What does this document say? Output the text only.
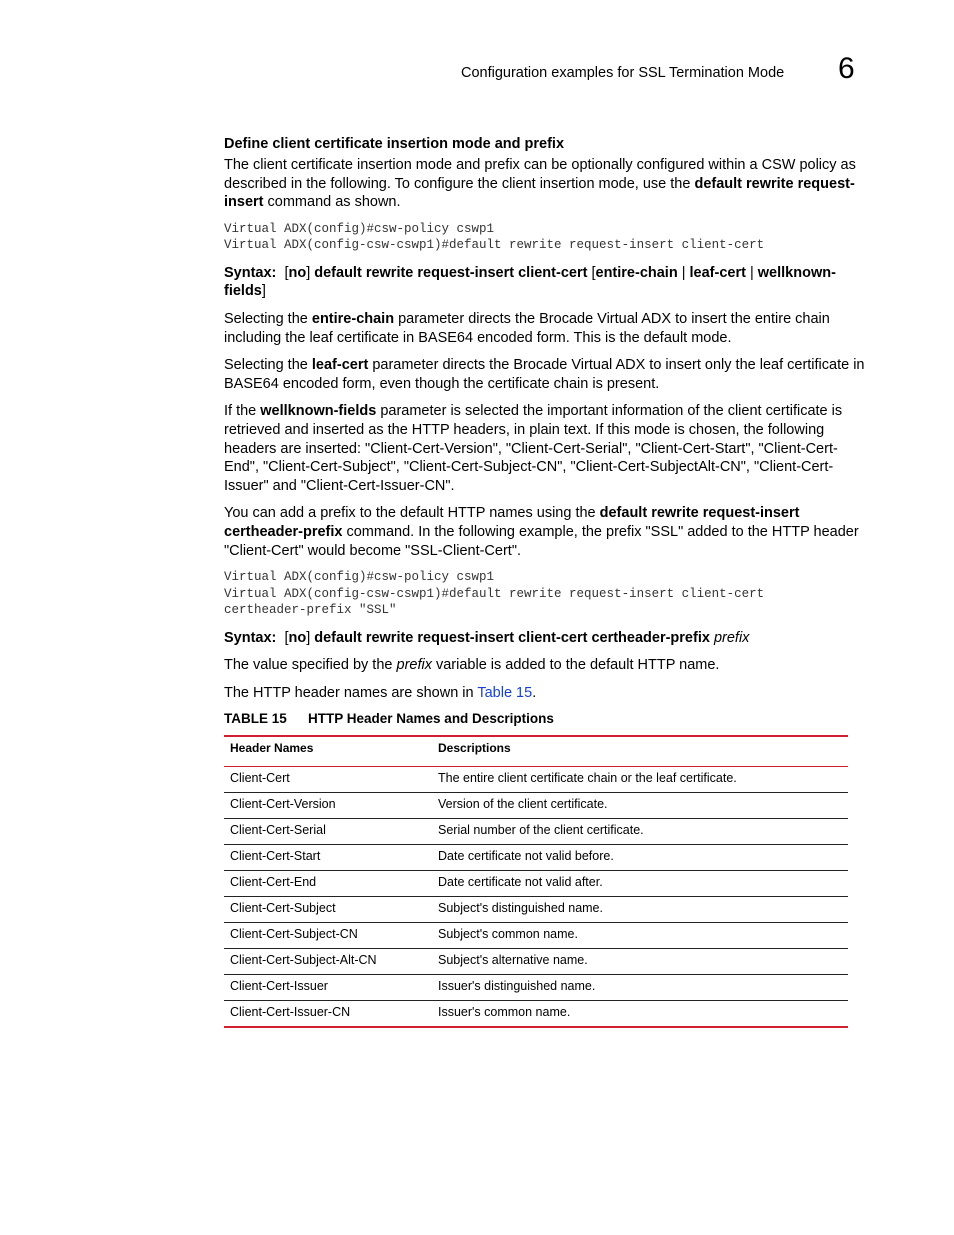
Configuration examples for SSL Termination Mode 6
Define client certificate insertion mode and prefix

The client certificate insertion mode and prefix can be optionally configured within a CSW policy as described in the following. To configure the client insertion mode, use the default rewrite request-insert command as shown.

Virtual ADX(config)#csw-policy cswp1
Virtual ADX(config-csw-cswp1)#default rewrite request-insert client-cert
Syntax: [no] default rewrite request-insert client-cert [entire-chain | leaf-cert | wellknown-fields]

Selecting the entire-chain parameter directs the Brocade Virtual ADX to insert the entire chain including the leaf certificate in BASE64 encoded form. This is the default mode.

Selecting the leaf-cert parameter directs the Brocade Virtual ADX to insert only the leaf certificate in BASE64 encoded form, even though the certificate chain is present.

If the wellknown-fields parameter is selected the important information of the client certificate is retrieved and inserted as the HTTP headers, in plain text. If this mode is chosen, the following headers are inserted: "Client-Cert-Version", "Client-Cert-Serial", "Client-Cert-Start", "Client-Cert-End", "Client-Cert-Subject", "Client-Cert-Subject-CN", "Client-Cert-SubjectAlt-CN", "Client-Cert-Issuer" and "Client-Cert-Issuer-CN".

You can add a prefix to the default HTTP names using the default rewrite request-insert certheader-prefix command. In the following example, the prefix "SSL" added to the HTTP header "Client-Cert" would become "SSL-Client-Cert".

Virtual ADX(config)#csw-policy cswp1
Virtual ADX(config-csw-cswp1)#default rewrite request-insert client-cert
certheader-prefix "SSL"
Syntax: [no] default rewrite request-insert client-cert certheader-prefix prefix

The value specified by the prefix variable is added to the default HTTP name.

The HTTP header names are shown in Table 15.

TABLE 15 HTTP Header Names and Descriptions
Header Names	Descriptions
Client-Cert	The entire client certificate chain or the leaf certificate.
Client-Cert-Version	Version of the client certificate.
Client-Cert-Serial	Serial number of the client certificate.
Client-Cert-Start	Date certificate not valid before.
Client-Cert-End	Date certificate not valid after.
Client-Cert-Subject	Subject's distinguished name.
Client-Cert-Subject-CN	Subject's common name.
Client-Cert-Subject-Alt-CN	Subject's alternative name.
Client-Cert-Issuer	Issuer's distinguished name.
Client-Cert-Issuer-CN	Issuer's common name.
